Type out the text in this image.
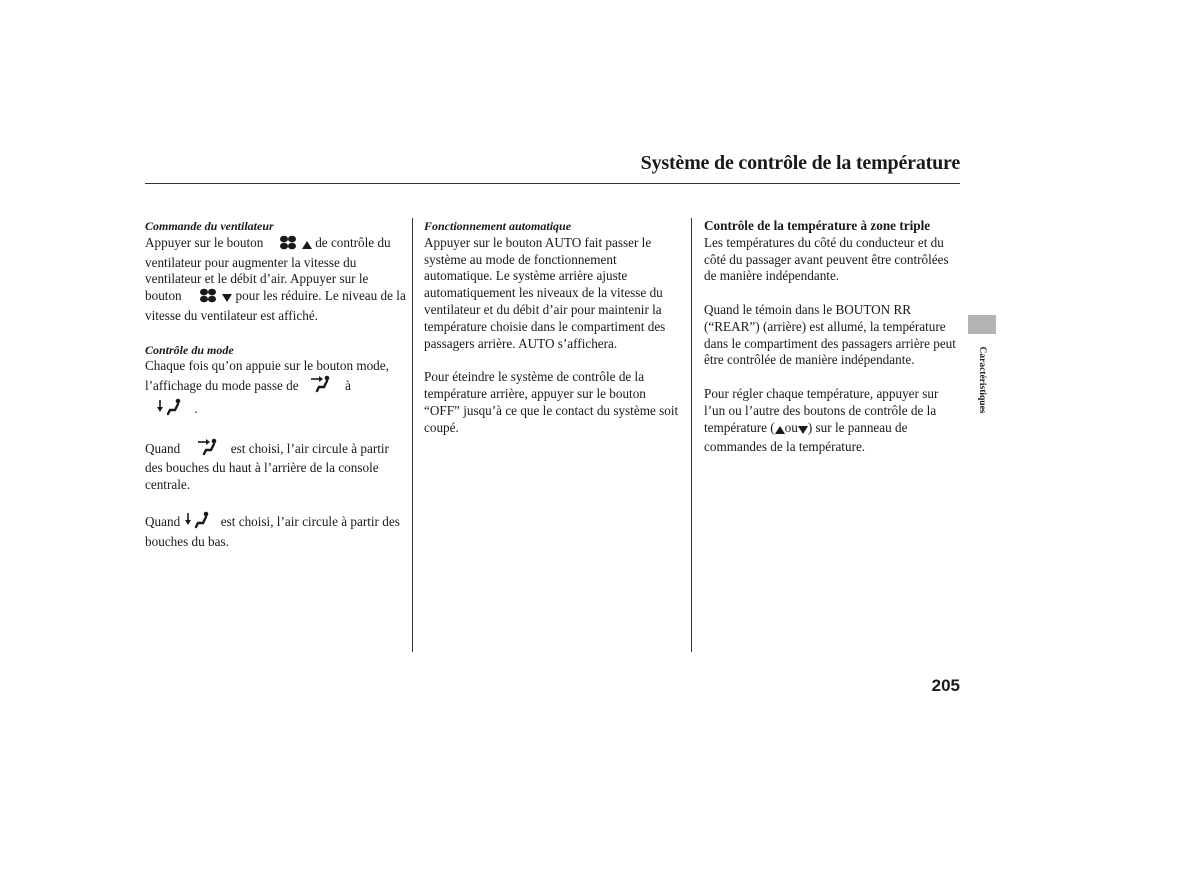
Système de contrôle de la température

Commande du ventilateur

Appuyer sur le bouton	de contrôle du ventilateur pour augmenter la vitesse du ventilateur et le débit d’air. Appuyer sur le bouton	pour les réduire. Le niveau de la vitesse du ventilateur est affiché.

Contrôle du mode

Chaque fois qu’on appuie sur le bouton mode, l’affichage du mode passe de	à
.

Quand	est choisi, l’air circule à partir des bouches du haut à l’arrière de la console centrale.

Quand	est choisi, l’air circule à partir des bouches du bas.

Fonctionnement automatique

Appuyer sur le bouton AUTO fait passer le système au mode de fonctionnement automatique. Le système arrière ajuste automatiquement les niveaux de la vitesse du ventilateur et du débit d’air pour maintenir la température choisie dans le compartiment des passagers arrière. AUTO s’affichera.

Pour éteindre le système de contrôle de la température arrière, appuyer sur le bouton “OFF” jusqu’à ce que le contact du système soit coupé.

Contrôle de la température à zone triple

Les températures du côté du conducteur et du côté du passager avant peuvent être contrôlées de manière indépendante.

Quand le témoin dans le BOUTON RR (“REAR”) (arrière) est allumé, la température dans le compartiment des passagers arrière peut être contrôlée de manière indépendante.

Pour régler chaque température, appuyer sur l’un ou l’autre des boutons de contrôle de la température ( ou ) sur le panneau de commandes de la température.

Caractéristiques
205
